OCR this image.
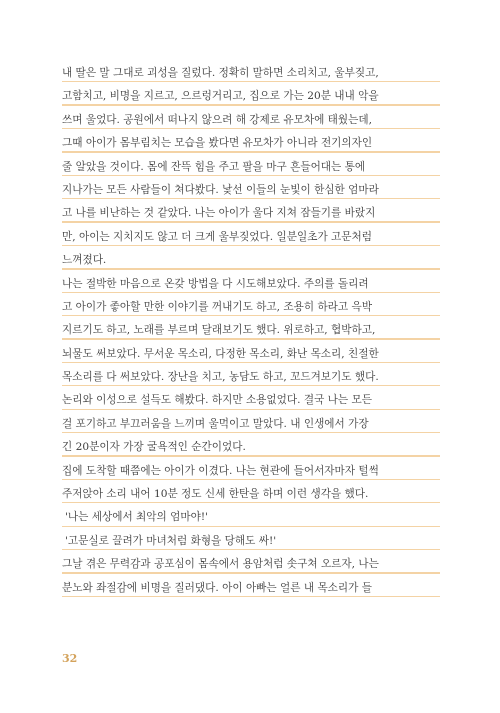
내 딸은 말 그대로 괴성을 질렀다. 정확히 말하면 소리치고, 울부짖고,
고함치고, 비명을 지르고, 으르렁거리고, 집으로 가는 20분 내내 악을
쓰며 울었다. 공원에서 떠나지 않으려 해 강제로 유모차에 태웠는데,
그때 아이가 몸부림치는 모습을 봤다면 유모차가 아니라 전기의자인
줄 알았을 것이다. 몸에 잔뜩 힘을 주고 팔을 마구 흔들어대는 통에
지나가는 모든 사람들이 쳐다봤다. 낯선 이들의 눈빛이 한심한 엄마라
고 나를 비난하는 것 같았다. 나는 아이가 울다 지쳐 잠들기를 바랐지
만, 아이는 지치지도 않고 더 크게 울부짖었다. 일분일초가 고문처럼
느껴졌다.
나는 절박한 마음으로 온갖 방법을 다 시도해보았다. 주의를 돌리려
고 아이가 좋아할 만한 이야기를 꺼내기도 하고, 조용히 하라고 윽박
지르기도 하고, 노래를 부르며 달래보기도 했다. 위로하고, 협박하고,
뇌물도 써보았다. 무서운 목소리, 다정한 목소리, 화난 목소리, 친절한
목소리를 다 써보았다. 장난을 치고, 농담도 하고, 꼬드겨보기도 했다.
논리와 이성으로 설득도 해봤다. 하지만 소용없었다. 결국 나는 모든
걸 포기하고 부끄러움을 느끼며 울먹이고 말았다. 내 인생에서 가장
긴 20분이자 가장 굴욕적인 순간이었다.
집에 도착할 때쯤에는 아이가 이겼다. 나는 현관에 들어서자마자 털썩
주저앉아 소리 내어 10분 정도 신세 한탄을 하며 이런 생각을 했다.
'나는 세상에서 최악의 엄마야!'
'고문실로 끌려가 마녀처럼 화형을 당해도 싸!'
그날 겪은 무력감과 공포심이 몸속에서 용암처럼 솟구쳐 오르자, 나는
분노와 좌절감에 비명을 질러댔다. 아이 아빠는 얼른 내 목소리가 들
32
